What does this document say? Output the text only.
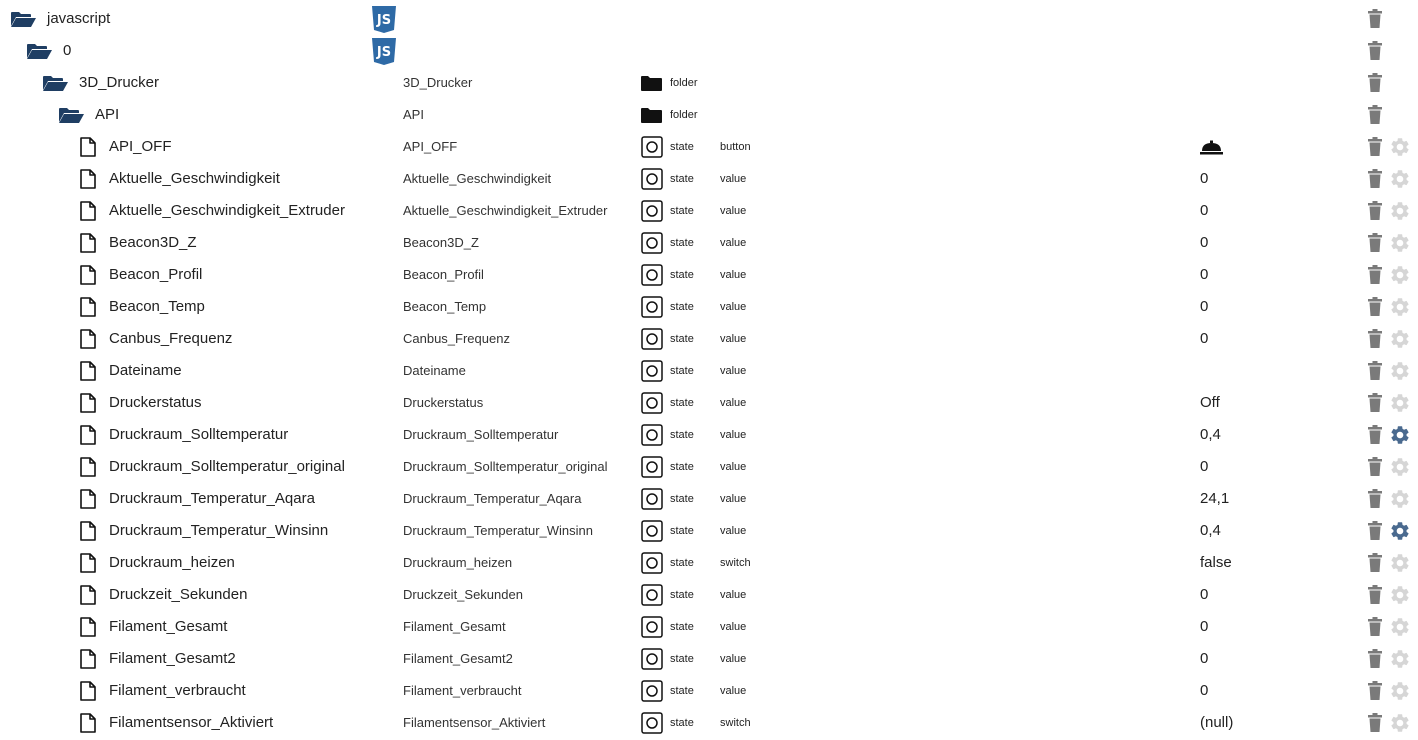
javascript	JS
0	JS
3D_Drucker	3D_Drucker	folder
API	API	folder
API_OFF	API_OFF	state button
Aktuelle_Geschwindigkeit	Aktuelle_Geschwindigkeit	state value	0
Aktuelle_Geschwindigkeit_Extruder	Aktuelle_Geschwindigkeit_Extruder	state value	0
Beacon3D_Z	Beacon3D_Z	state value	0
Beacon_Profil	Beacon_Profil	state value	0
Beacon_Temp	Beacon_Temp	state value	0
Canbus_Frequenz	Canbus_Frequenz	state value	0
Dateiname	Dateiname	state value
Druckerstatus	Druckerstatus	state value	Off
Druckraum_Solltemperatur	Druckraum_Solltemperatur	state value	0,4
Druckraum_Solltemperatur_original	Druckraum_Solltemperatur_original	state value	0
Druckraum_Temperatur_Aqara	Druckraum_Temperatur_Aqara	state value	24,1
Druckraum_Temperatur_Winsinn	Druckraum_Temperatur_Winsinn	state value	0,4
Druckraum_heizen	Druckraum_heizen	state switch	false
Druckzeit_Sekunden	Druckzeit_Sekunden	state value	0
Filament_Gesamt	Filament_Gesamt	state value	0
Filament_Gesamt2	Filament_Gesamt2	state value	0
Filament_verbraucht	Filament_verbraucht	state value	0
Filamentsensor_Aktiviert	Filamentsensor_Aktiviert	state switch	(null)
